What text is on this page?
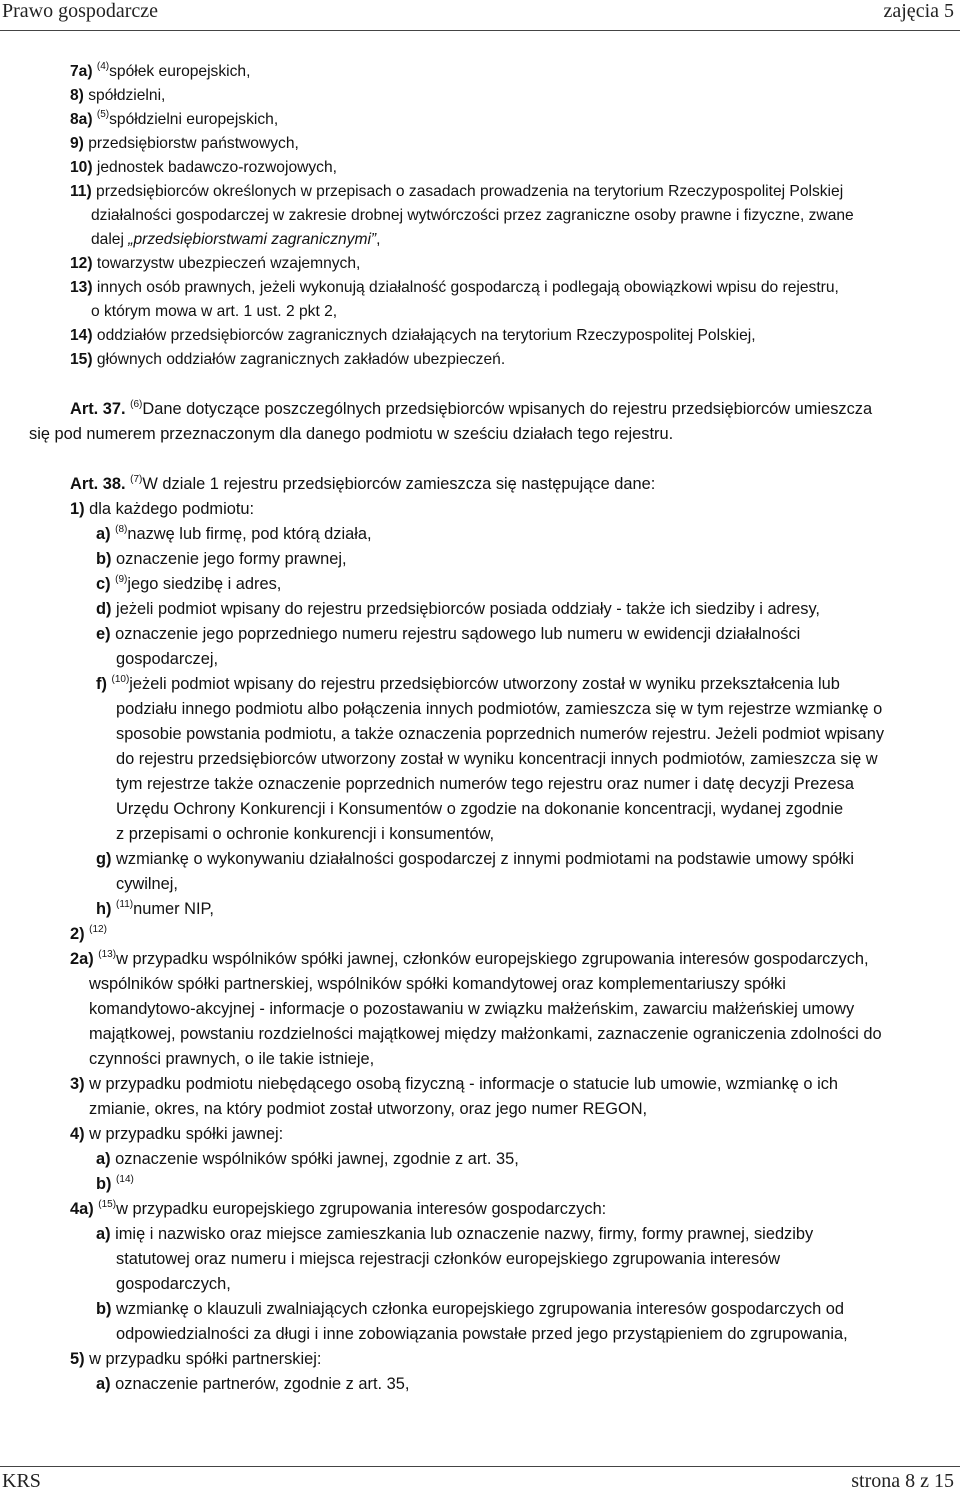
Prawo gospodarcze	zajęcia 5
7a) $^{(4)}$spółek europejskich,
8) spółdzielni,
8a) $^{(5)}$spółdzielni europejskich,
9) przedsiębiorstw państwowych,
10) jednostek badawczo-rozwojowych,
11) przedsiębiorców określonych w przepisach o zasadach prowadzenia na terytorium Rzeczypospolitej Polskiej
działalności gospodarczej w zakresie drobnej wytwórczości przez zagraniczne osoby prawne i fizyczne, zwane
dalej „przedsiębiorstwami zagranicznymi”,
12) towarzystw ubezpieczeń wzajemnych,
13) innych osób prawnych, jeżeli wykonują działalność gospodarczą i podlegają obowiązkowi wpisu do rejestru,
o którym mowa w art. 1 ust. 2 pkt 2,
14) oddziałów przedsiębiorców zagranicznych działających na terytorium Rzeczypospolitej Polskiej,
15) głównych oddziałów zagranicznych zakładów ubezpieczeń.
Art. 37. $^{(6)}$Dane dotyczące poszczególnych przedsiębiorców wpisanych do rejestru przedsiębiorców umieszcza
się pod numerem przeznaczonym dla danego podmiotu w sześciu działach tego rejestru.
Art. 38. $^{(7)}$W dziale 1 rejestru przedsiębiorców zamieszcza się następujące dane:
1) dla każdego podmiotu:
a) $^{(8)}$nazwę lub firmę, pod którą działa,
b) oznaczenie jego formy prawnej,
c) $^{(9)}$jego siedzibę i adres,
d) jeżeli podmiot wpisany do rejestru przedsiębiorców posiada oddziały - także ich siedziby i adresy,
e) oznaczenie jego poprzedniego numeru rejestru sądowego lub numeru w ewidencji działalności
gospodarczej,
f) $^{(10)}$jeżeli podmiot wpisany do rejestru przedsiębiorców utworzony został w wyniku przekształcenia lub
podziału innego podmiotu albo połączenia innych podmiotów, zamieszcza się w tym rejestrze wzmiankę o
sposobie powstania podmiotu, a także oznaczenia poprzednich numerów rejestru. Jeżeli podmiot wpisany
do rejestru przedsiębiorców utworzony został w wyniku koncentracji innych podmiotów, zamieszcza się w
tym rejestrze także oznaczenie poprzednich numerów tego rejestru oraz numer i datę decyzji Prezesa
Urzędu Ochrony Konkurencji i Konsumentów o zgodzie na dokonanie koncentracji, wydanej zgodnie
z przepisami o ochronie konkurencji i konsumentów,
g) wzmiankę o wykonywaniu działalności gospodarczej z innymi podmiotami na podstawie umowy spółki
cywilnej,
h) $^{(11)}$numer NIP,
2) $^{(12)}$
2a) $^{(13)}$w przypadku wspólników spółki jawnej, członków europejskiego zgrupowania interesów gospodarczych,
wspólników spółki partnerskiej, wspólników spółki komandytowej oraz komplementariuszy spółki
komandytowo-akcyjnej - informacje o pozostawaniu w związku małżeńskim, zawarciu małżeńskiej umowy
majątkowej, powstaniu rozdzielności majątkowej między małżonkami, zaznaczenie ograniczenia zdolności do
czynności prawnych, o ile takie istnieje,
3) w przypadku podmiotu niebędącego osobą fizyczną - informacje o statucie lub umowie, wzmiankę o ich
zmianie, okres, na który podmiot został utworzony, oraz jego numer REGON,
4) w przypadku spółki jawnej:
a) oznaczenie wspólników spółki jawnej, zgodnie z art. 35,
b) $^{(14)}$
4a) $^{(15)}$w przypadku europejskiego zgrupowania interesów gospodarczych:
a) imię i nazwisko oraz miejsce zamieszkania lub oznaczenie nazwy, firmy, formy prawnej, siedziby
statutowej oraz numeru i miejsca rejestracji członków europejskiego zgrupowania interesów
gospodarczych,
b) wzmiankę o klauzuli zwalniających członka europejskiego zgrupowania interesów gospodarczych od
odpowiedzialności za długi i inne zobowiązania powstałe przed jego przystąpieniem do zgrupowania,
5) w przypadku spółki partnerskiej:
a) oznaczenie partnerów, zgodnie z art. 35,
KRS	strona 8 z 15
